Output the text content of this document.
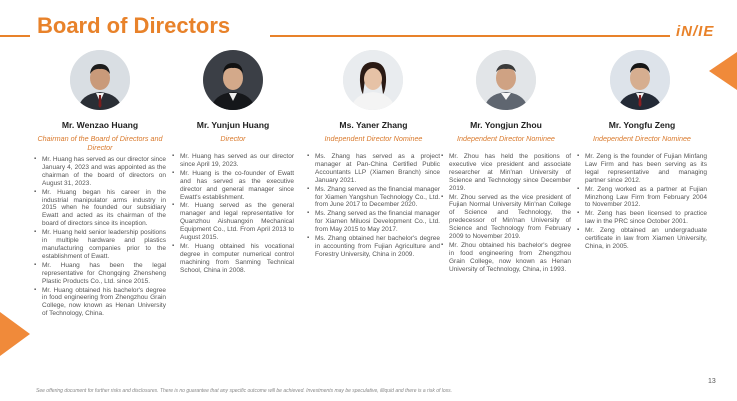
Board of Directors	iN/IE
Mr. Wenzao Huang
Chairman of the Board of Directors and Director
▪ Mr. Huang has served as our director since January 4, 2023 and was appointed as the chairman of the board of directors on August 31, 2023.
▪ Mr. Huang began his career in the industrial manipulator arms industry in 2015 when he founded our subsidiary Ewatt and acted as its chairman of the board of directors since its inception.
▪ Mr. Huang held senior leadership positions in multiple hardware and plastics manufacturing companies prior to the establishment of Ewatt.
▪ Mr. Huang has been the legal representative for Chongqing Zhensheng Plastic Products Co., Ltd. since 2015.
▪ Mr. Huang obtained his bachelor's degree in food engineering from Zhengzhou Grain College, now known as Henan University of Technology, China.
Mr. Yunjun Huang
Director
▪ Mr. Huang has served as our director since April 19, 2023.
▪ Mr. Huang is the co-founder of Ewatt and has served as the executive director and general manager since Ewatt's establishment.
▪ Mr. Huang served as the general manager and legal representative for Quanzhou Aishuangxin Mechanical Equipment Co., Ltd. From April 2013 to August 2015.
▪ Mr. Huang obtained his vocational degree in computer numerical control machining from Sanming Technical School, China in 2008.
Ms. Yaner Zhang
Independent Director Nominee
▪ Ms. Zhang has served as a project manager at Pan-China Certified Public Accountants LLP (Xiamen Branch) since January 2021.
▪ Ms. Zhang served as the financial manager for Xiamen Yangshun Technology Co., Ltd. from June 2017 to December 2020.
▪ Ms. Zhang served as the financial manager for Xiamen Miluosi Development Co., Ltd. from May 2015 to May 2017.
▪ Ms. Zhang obtained her bachelor's degree in accounting from Fujian Agriculture and Forestry University, China in 2009.
Mr. Yongjun Zhou
Independent Director Nominee
▪ Mr. Zhou has held the positions of executive vice president and associate researcher at Min'nan University of Science and Technology since December 2019.
▪ Mr. Zhou served as the vice president of Fujian Normal University Min'nan College of Science and Technology, the predecessor of Min'nan University of Science and Technology from February 2009 to November 2019.
▪ Mr. Zhou obtained his bachelor's degree in food engineering from Zhengzhou Grain College, now known as Henan University of Technology, China, in 1993.
Mr. Yongfu Zeng
Independent Director Nominee
▪ Mr. Zeng is the founder of Fujian Minfang Law Firm and has been serving as its legal representative and managing partner since 2012.
▪ Mr. Zeng worked as a partner at Fujian Minzhong Law Firm from February 2004 to November 2012.
▪ Mr. Zeng has been licensed to practice law in the PRC since October 2001.
▪ Mr. Zeng obtained an undergraduate certificate in law from Xiamen University, China, in 2005.
See offering document for further risks and disclosures. There is no guarantee that any specific outcome will be achieved. Investments may be speculative, illiquid and there is a risk of loss.
13
